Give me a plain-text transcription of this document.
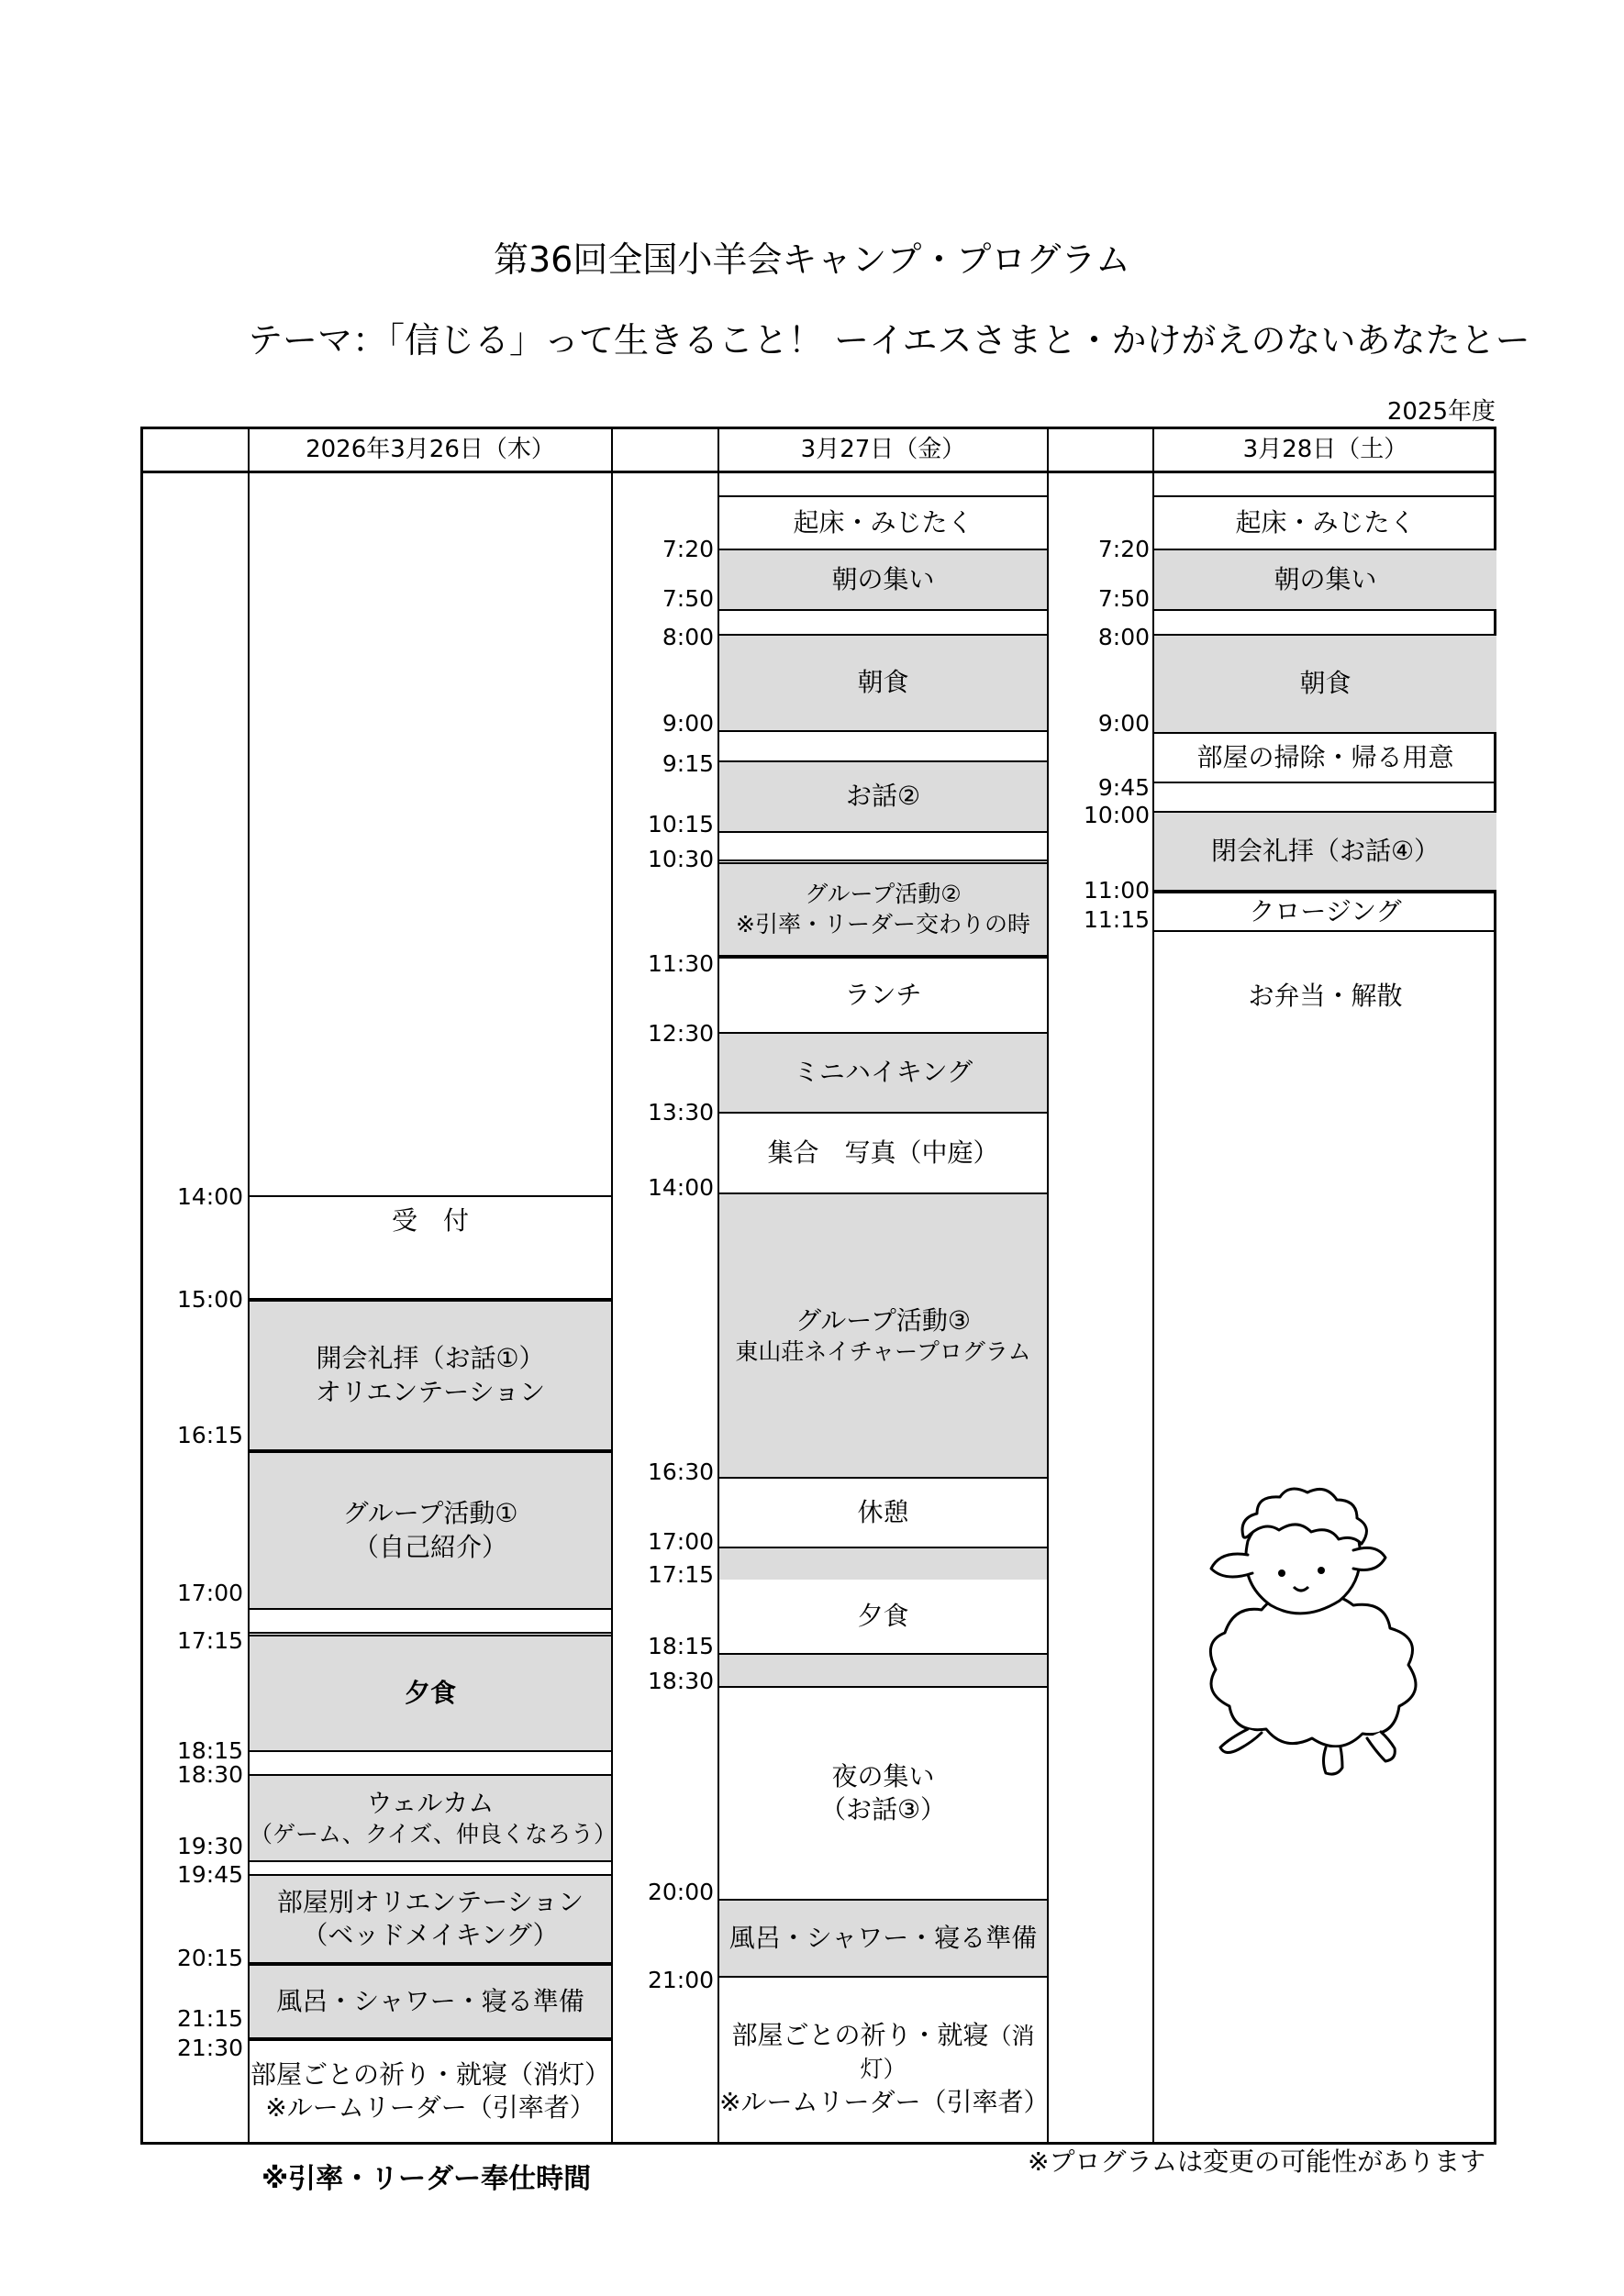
第36回全国小羊会キャンプ・プログラム
テーマ：「信じる」って生きること！ ーイエスさまと・かけがえのないあなたとー
2025年度
2026年3月26日（木）	3月27日（金）	3月28日（土）
受　付
開会礼拝（お話①）
オリエンテーション
グループ活動①
（自己紹介）
夕食
ウェルカム
（ゲーム、クイズ、仲良くなろう）
部屋別オリエンテーション
（ベッドメイキング）
風呂・シャワー・寝る準備
部屋ごとの祈り・就寝（消灯）
※ルームリーダー（引率者）
14:00
15:00
16:15
17:00
17:15
18:15
18:30
19:30
19:45
20:15
21:15
21:30
起床・みじたく
朝の集い
朝食
お話②
グループ活動②
※引率・リーダー交わりの時
ランチ
ミニハイキング
集合　写真（中庭）
グループ活動③
東山荘ネイチャープログラム
休憩
夕食
夜の集い
（お話③）
風呂・シャワー・寝る準備
部屋ごとの祈り・就寝（消灯）
※ルームリーダー（引率者）
7:20
7:50
8:00
9:00
9:15
10:15
10:30
11:30
12:30
13:30
14:00
16:30
17:00
17:15
18:15
18:30
20:00
21:00
起床・みじたく
朝の集い
朝食
部屋の掃除・帰る用意
閉会礼拝（お話④）
クロージング
お弁当・解散
7:20
7:50
8:00
9:00
9:45
10:00
11:00
11:15
※引率・リーダー奉仕時間
※プログラムは変更の可能性があります
